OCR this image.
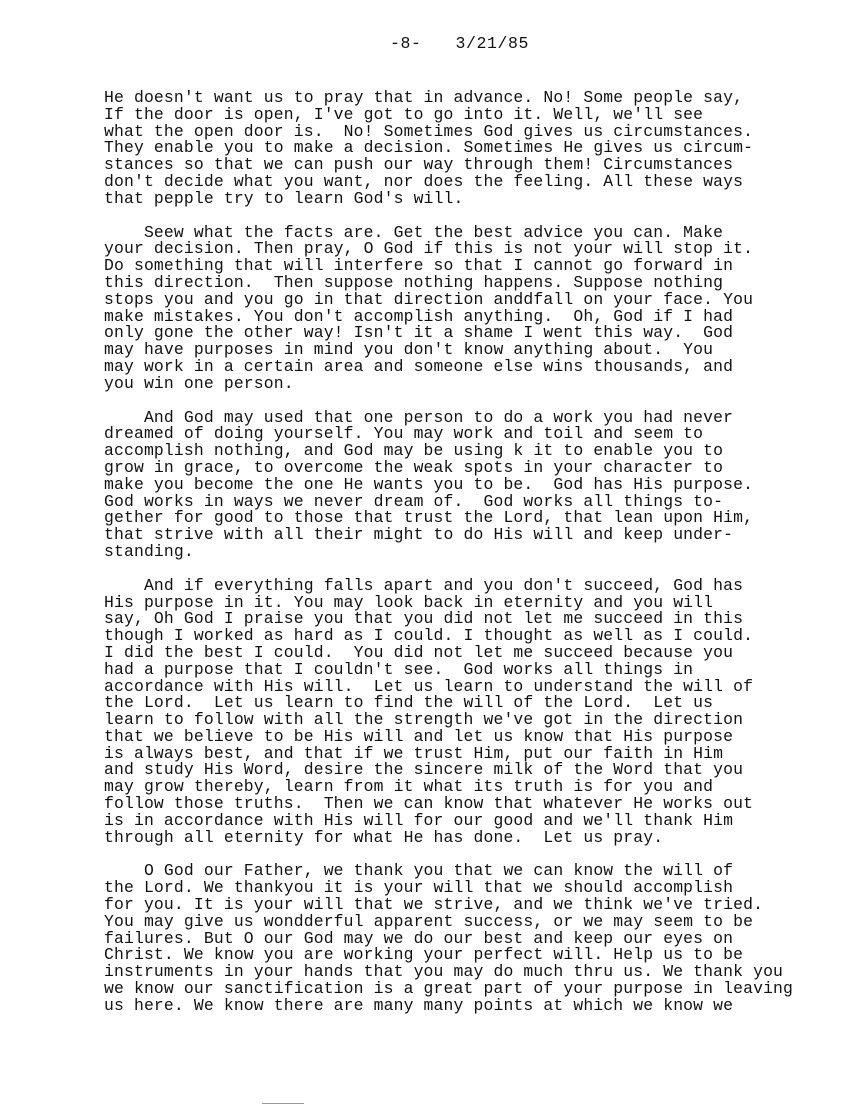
-8- 3/21/85
He doesn't want us to pray that in advance. No! Some people say,
If the door is open, I've got to go into it. Well, we'll see
what the open door is.  No! Sometimes God gives us circumstances.
They enable you to make a decision. Sometimes He gives us circum-
stances so that we can push our way through them! Circumstances
don't decide what you want, nor does the feeling. All these ways
that pepple try to learn God's will.
Seew what the facts are. Get the best advice you can. Make
your decision. Then pray, O God if this is not your will stop it.
Do something that will interfere so that I cannot go forward in
this direction.  Then suppose nothing happens. Suppose nothing
stops you and you go in that direction anddfall on your face. You
make mistakes. You don't accomplish anything.  Oh, God if I had
only gone the other way! Isn't it a shame I went this way.  God
may have purposes in mind you don't know anything about.  You
may work in a certain area and someone else wins thousands, and
you win one person.
And God may used that one person to do a work you had never
dreamed of doing yourself. You may work and toil and seem to
accomplish nothing, and God may be using k it to enable you to
grow in grace, to overcome the weak spots in your character to
make you become the one He wants you to be.  God has His purpose.
God works in ways we never dream of.  God works all things to-
gether for good to those that trust the Lord, that lean upon Him,
that strive with all their might to do His will and keep under-
standing.
And if everything falls apart and you don't succeed, God has
His purpose in it. You may look back in eternity and you will
say, Oh God I praise you that you did not let me succeed in this
though I worked as hard as I could. I thought as well as I could.
I did the best I could.  You did not let me succeed because you
had a purpose that I couldn't see.  God works all things in
accordance with His will.  Let us learn to understand the will of
the Lord.  Let us learn to find the will of the Lord.  Let us
learn to follow with all the strength we've got in the direction
that we believe to be His will and let us know that His purpose
is always best, and that if we trust Him, put our faith in Him
and study His Word, desire the sincere milk of the Word that you
may grow thereby, learn from it what its truth is for you and
follow those truths.  Then we can know that whatever He works out
is in accordance with His will for our good and we'll thank Him
through all eternity for what He has done.  Let us pray.
O God our Father, we thank you that we can know the will of
the Lord. We thankyou it is your will that we should accomplish
for you. It is your will that we strive, and we think we've tried.
You may give us wondderful apparent success, or we may seem to be
failures. But O our God may we do our best and keep our eyes on
Christ. We know you are working your perfect will. Help us to be
instruments in your hands that you may do much thru us. We thank you
we know our sanctification is a great part of your purpose in leaving
us here. We know there are many many points at which we know we
